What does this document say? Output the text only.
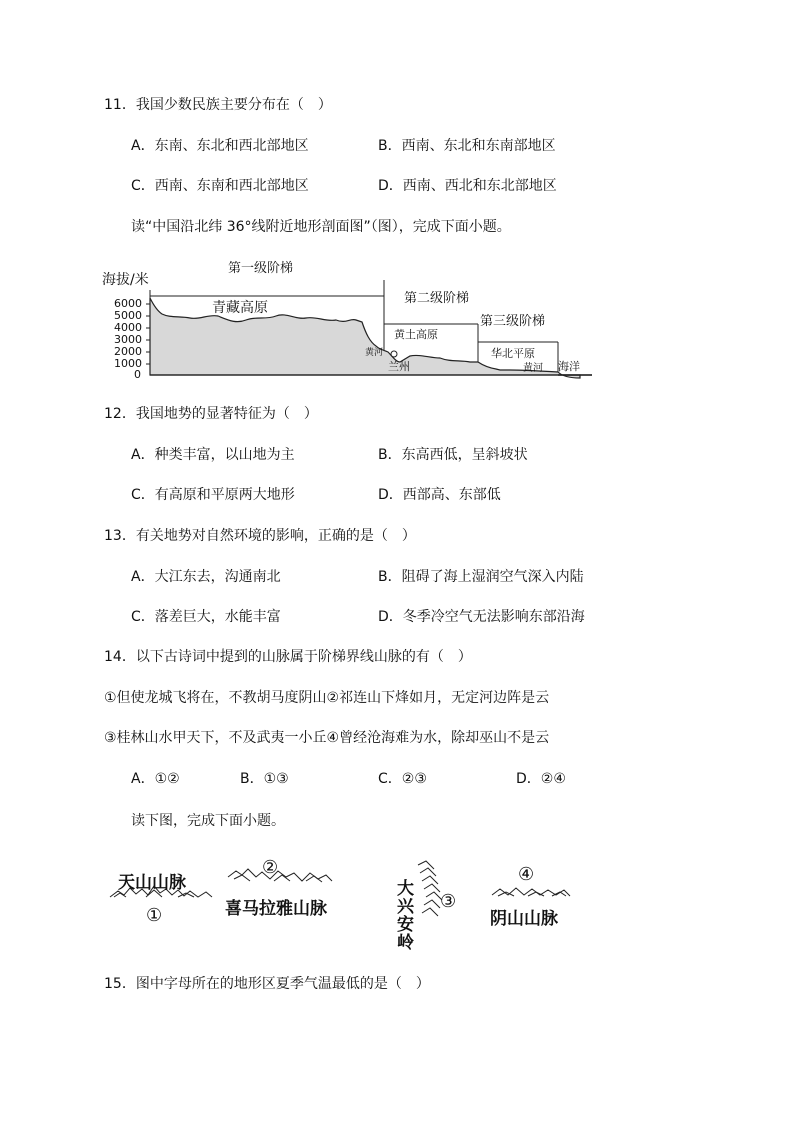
11．我国少数民族主要分布在（　）
A．东南、东北和西北部地区	B．西南、东北和东南部地区
C．西南、东南和西北部地区	D．西南、西北和东北部地区
读“中国沿北纬 36°线附近地形剖面图”（图），完成下面小题。
海拔/米
6000
5000
4000
3000
2000
1000
0
第一级阶梯
第二级阶梯
第三级阶梯
青藏高原
黄土高原
华北平原
黄河
兰州	黄河 海洋
12．我国地势的显著特征为（　）
A．种类丰富，以山地为主	B．东高西低，呈斜坡状
C．有高原和平原两大地形	D．西部高、东部低
13．有关地势对自然环境的影响，正确的是（　）
A．大江东去，沟通南北	B．阻碍了海上湿润空气深入内陆
C．落差巨大，水能丰富	D．冬季冷空气无法影响东部沿海
14．以下古诗词中提到的山脉属于阶梯界线山脉的有（　）
①但使龙城飞将在，不教胡马度阴山②祁连山下烽如月，无定河边阵是云
③桂林山水甲天下，不及武夷一小丘④曾经沧海难为水，除却巫山不是云
A．①②	B．①③	C．②③	D．②④
读下图，完成下面小题。
天山山脉
①
②
喜马拉雅山脉
大
兴
安
岭
③
④
阴山山脉
15．图中字母所在的地形区夏季气温最低的是（　）
